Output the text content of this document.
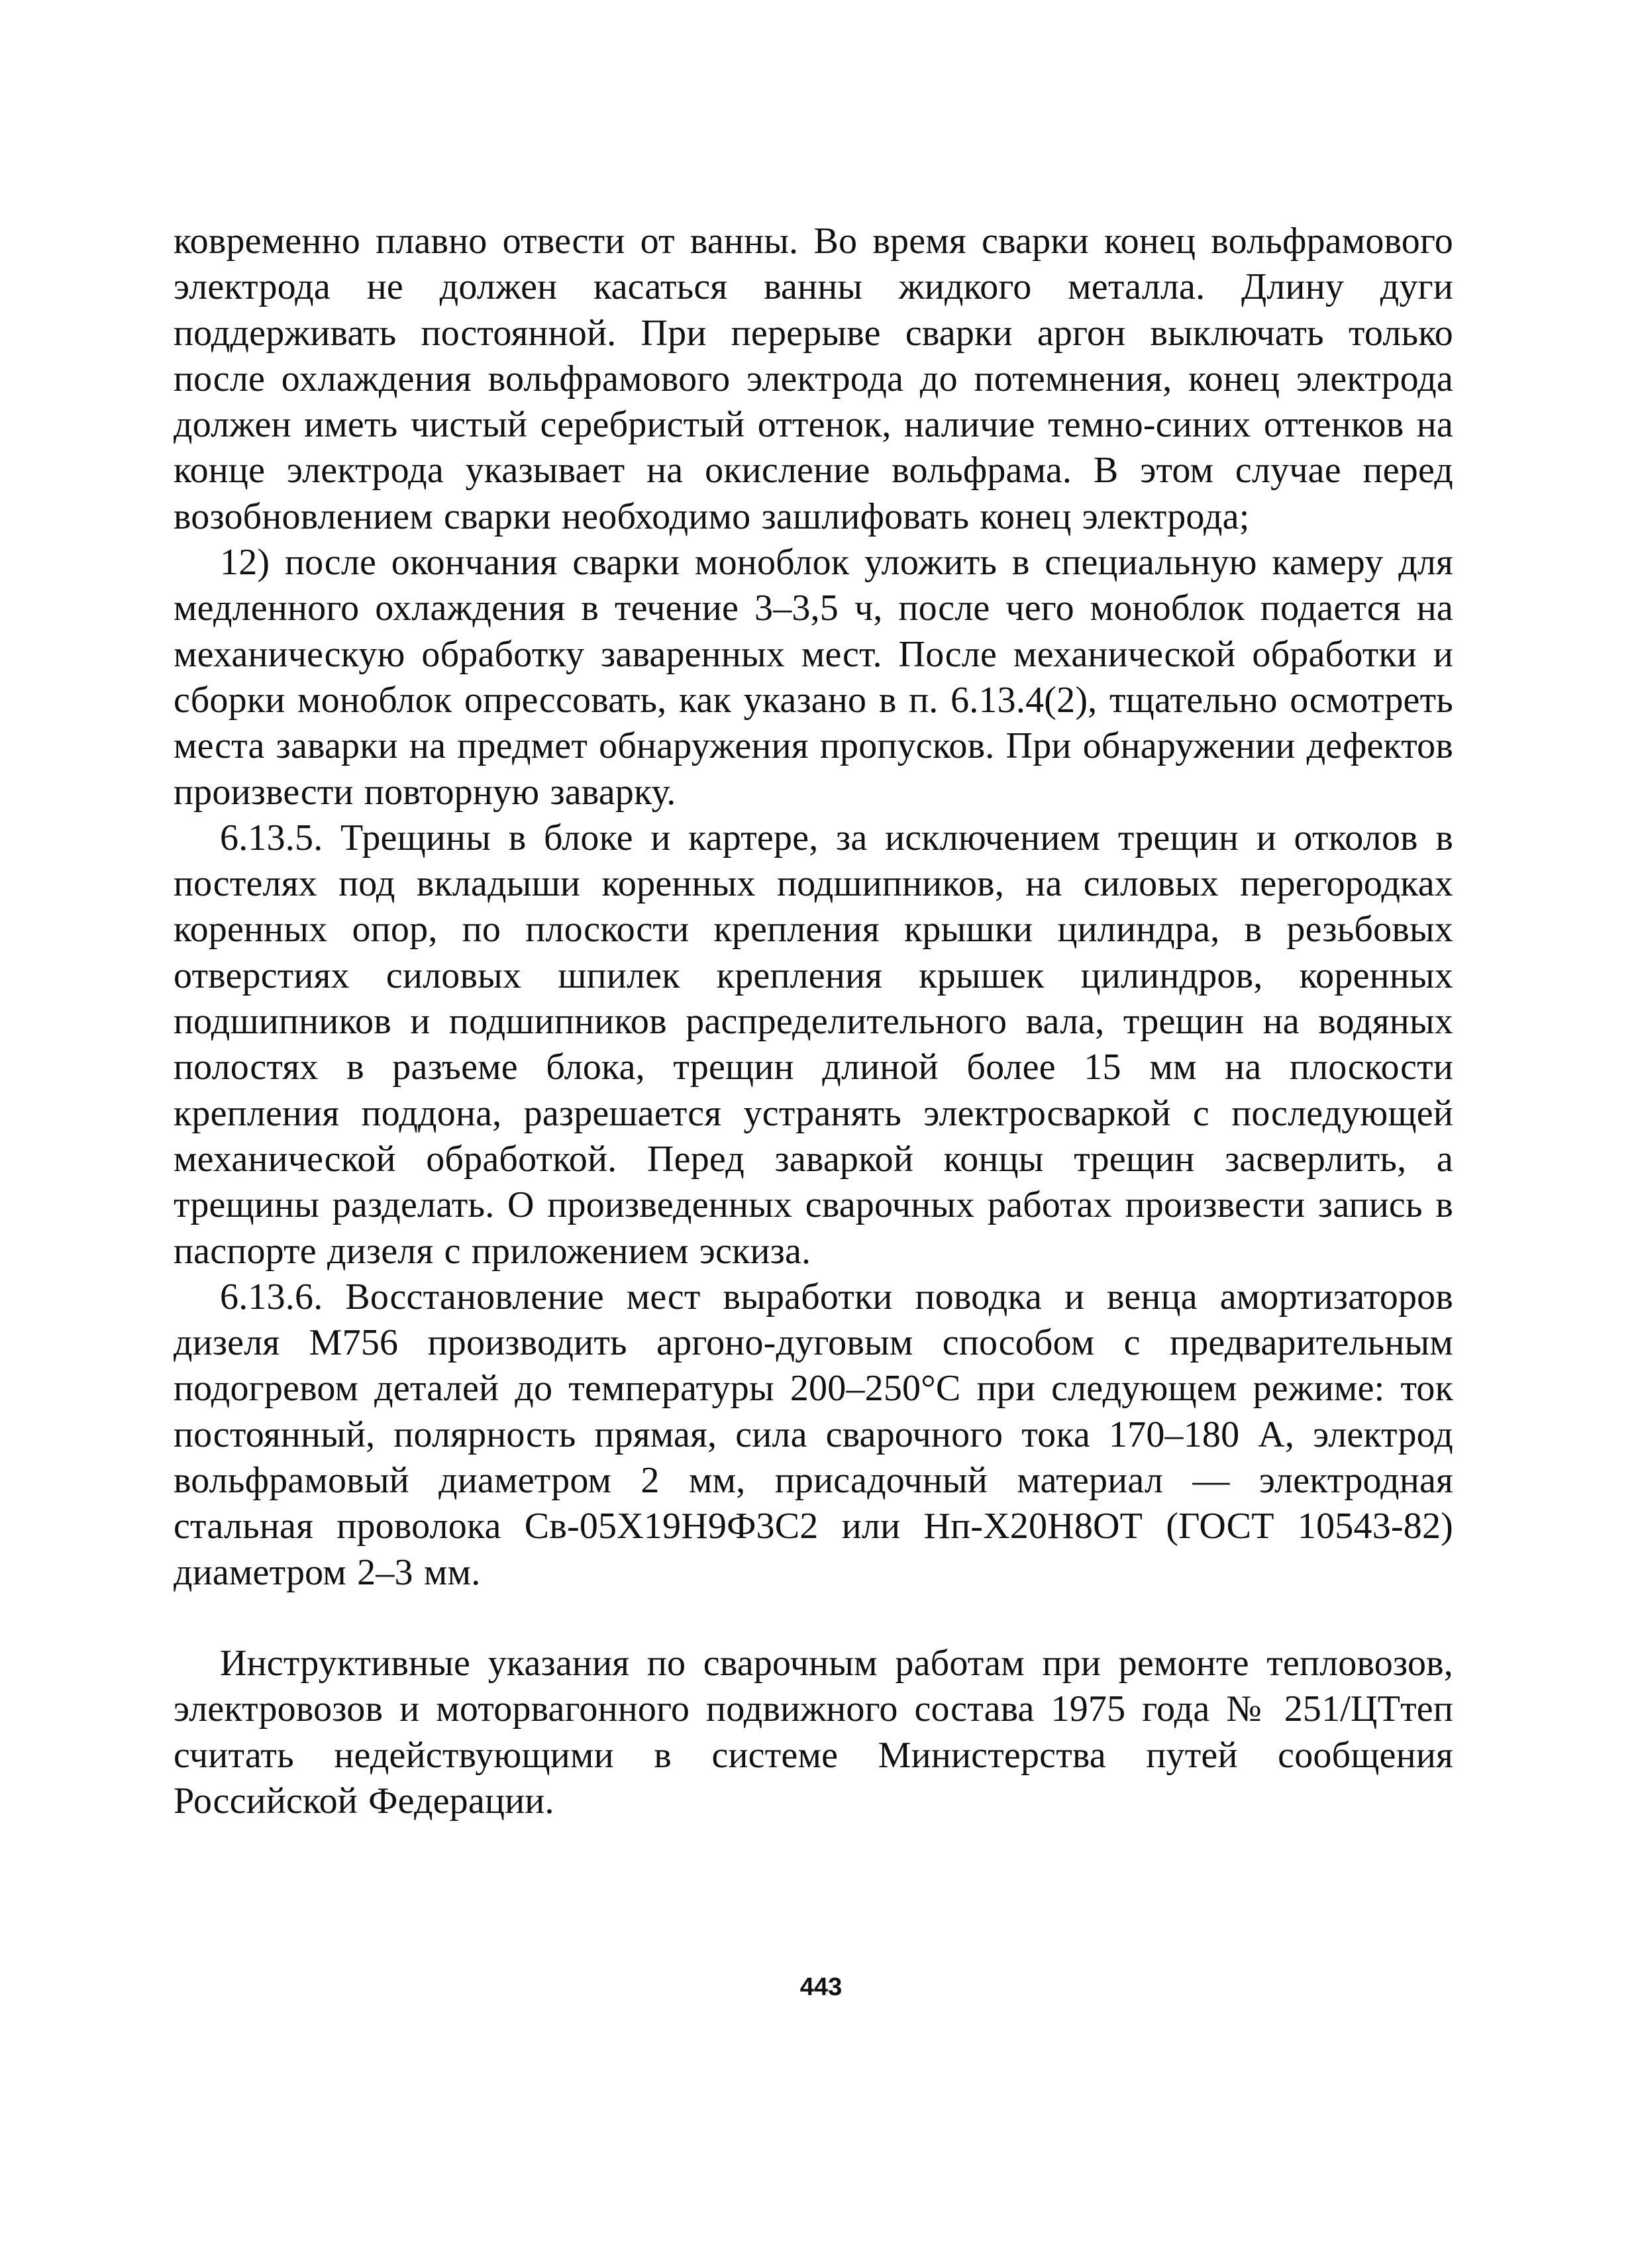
ковременно плавно отвести от ванны. Во время сварки конец вольфрамового электрода не должен касаться ванны жидкого металла. Длину дуги поддерживать постоянной. При перерыве сварки аргон выключать только после охлаждения вольфрамового электрода до потемнения, конец электрода должен иметь чистый серебристый оттенок, наличие темно-синих оттенков на конце электрода указывает на окисление вольфрама. В этом случае перед возобновлением сварки необходимо зашлифовать конец электрода;

12) после окончания сварки моноблок уложить в специальную камеру для медленного охлаждения в течение 3–3,5 ч, после чего моноблок подается на механическую обработку заваренных мест. После механической обработки и сборки моноблок опрессовать, как указано в п. 6.13.4(2), тщательно осмотреть места заварки на предмет обнаружения пропусков. При обнаружении дефектов произвести повторную заварку.

6.13.5. Трещины в блоке и картере, за исключением трещин и отколов в постелях под вкладыши коренных подшипников, на силовых перегородках коренных опор, по плоскости крепления крышки цилиндра, в резьбовых отверстиях силовых шпилек крепления крышек цилиндров, коренных подшипников и подшипников распределительного вала, трещин на водяных полостях в разъеме блока, трещин длиной более 15 мм на плоскости крепления поддона, разрешается устранять электросваркой с последующей механической обработкой. Перед заваркой концы трещин засверлить, а трещины разделать. О произведенных сварочных работах произвести запись в паспорте дизеля с приложением эскиза.

6.13.6. Восстановление мест выработки поводка и венца амортизаторов дизеля М756 производить аргоно-дуговым способом с предварительным подогревом деталей до температуры 200–250°С при следующем режиме: ток постоянный, полярность прямая, сила сварочного тока 170–180 А, электрод вольфрамовый диаметром 2 мм, присадочный материал — электродная стальная проволока Св-05Х19Н9Ф3С2 или Нп-Х20Н8ОТ (ГОСТ 10543-82) диаметром 2–3 мм.

Инструктивные указания по сварочным работам при ремонте тепловозов, электровозов и моторвагонного подвижного состава 1975 года № 251/ЦТтеп считать недействующими в системе Министерства путей сообщения Российской Федерации.

443
